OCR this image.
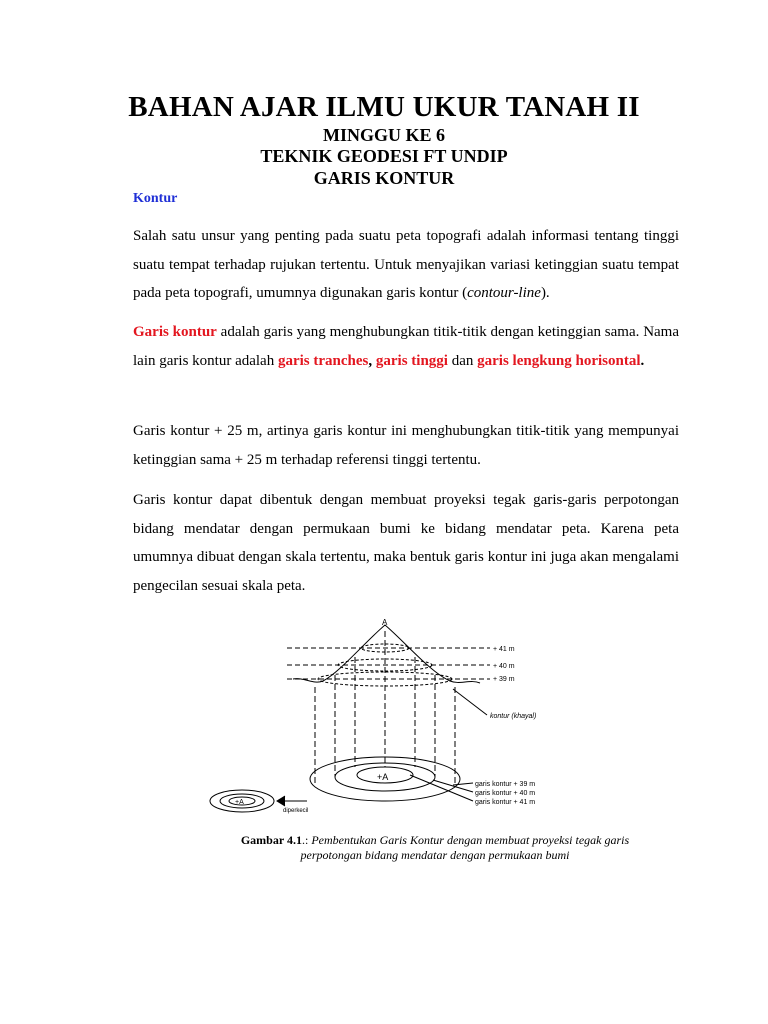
BAHAN AJAR ILMU UKUR TANAH II
MINGGU KE 6
TEKNIK GEODESI FT UNDIP
GARIS KONTUR
Kontur
Salah satu unsur yang penting pada suatu peta topografi adalah informasi tentang tinggi suatu tempat terhadap rujukan tertentu. Untuk menyajikan variasi ketinggian suatu tempat pada peta topografi, umumnya digunakan garis kontur (contour-line).
Garis kontur adalah garis yang menghubungkan titik-titik dengan ketinggian sama. Nama lain garis kontur adalah garis tranches, garis tinggi dan garis lengkung horisontal.
Garis kontur + 25 m, artinya garis kontur ini menghubungkan titik-titik yang mempunyai ketinggian sama + 25 m terhadap referensi tinggi tertentu.
Garis kontur dapat dibentuk dengan membuat proyeksi tegak garis-garis perpotongan bidang mendatar dengan permukaan bumi ke bidang mendatar peta. Karena peta umumnya dibuat dengan skala tertentu, maka bentuk garis kontur ini juga akan mengalami pengecilan sesuai skala peta.
A
+ 41 m
+ 40 m
+ 39 m
kontur (khayal)
+A
garis kontur + 39 m
garis kontur + 40 m
garis kontur + 41 m
diperkecil
+A
Gambar 4.1.: Pembentukan Garis Kontur dengan membuat proyeksi tegak garis perpotongan bidang mendatar dengan permukaan bumi
